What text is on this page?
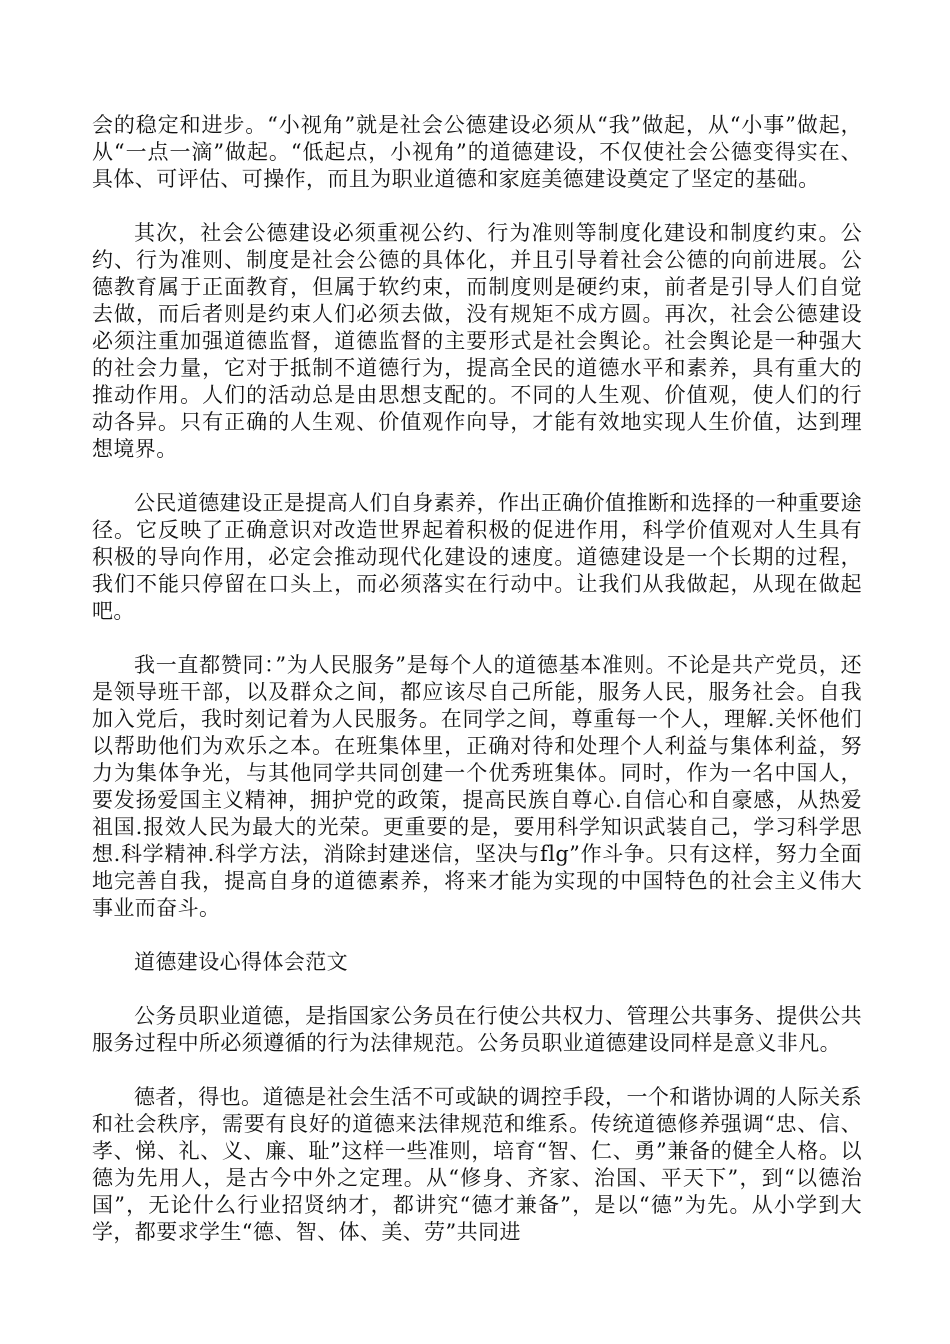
会的稳定和进步。“小视角”就是社会公德建设必须从“我”做起，从“小事”做起，从“一点一滴”做起。“低起点，小视角”的道德建设，不仅使社会公德变得实在、具体、可评估、可操作，而且为职业道德和家庭美德建设奠定了坚定的基础。

其次，社会公德建设必须重视公约、行为准则等制度化建设和制度约束。公约、行为准则、制度是社会公德的具体化，并且引导着社会公德的向前进展。公德教育属于正面教育，但属于软约束，而制度则是硬约束，前者是引导人们自觉去做，而后者则是约束人们必须去做，没有规矩不成方圆。再次，社会公德建设必须注重加强道德监督，道德监督的主要形式是社会舆论。社会舆论是一种强大的社会力量，它对于抵制不道德行为，提高全民的道德水平和素养，具有重大的推动作用。人们的活动总是由思想支配的。不同的人生观、价值观，使人们的行动各异。只有正确的人生观、价值观作向导，才能有效地实现人生价值，达到理想境界。

公民道德建设正是提高人们自身素养，作出正确价值推断和选择的一种重要途径。它反映了正确意识对改造世界起着积极的促进作用，科学价值观对人生具有积极的导向作用，必定会推动现代化建设的速度。道德建设是一个长期的过程，我们不能只停留在口头上，而必须落实在行动中。让我们从我做起，从现在做起吧。

我一直都赞同：”为人民服务”是每个人的道德基本准则。不论是共产党员，还是领导班干部，以及群众之间，都应该尽自己所能，服务人民，服务社会。自我加入党后，我时刻记着为人民服务。在同学之间，尊重每一个人，理解.关怀他们以帮助他们为欢乐之本。在班集体里，正确对待和处理个人利益与集体利益，努力为集体争光，与其他同学共同创建一个优秀班集体。同时，作为一名中国人，要发扬爱国主义精神，拥护党的政策，提高民族自尊心.自信心和自豪感，从热爱祖国.报效人民为最大的光荣。更重要的是，要用科学知识武装自己，学习科学思想.科学精神.科学方法，消除封建迷信，坚决与flg”作斗争。只有这样，努力全面地完善自我，提高自身的道德素养，将来才能为实现的中国特色的社会主义伟大事业而奋斗。

道德建设心得体会范文

公务员职业道德，是指国家公务员在行使公共权力、管理公共事务、提供公共服务过程中所必须遵循的行为法律规范。公务员职业道德建设同样是意义非凡。

德者，得也。道德是社会生活不可或缺的调控手段，一个和谐协调的人际关系和社会秩序，需要有良好的道德来法律规范和维系。传统道德修养强调“忠、信、孝、悌、礼、义、廉、耻”这样一些准则，培育“智、仁、勇”兼备的健全人格。以德为先用人，是古今中外之定理。从“修身、齐家、治国、平天下”，到“以德治国”，无论什么行业招贤纳才，都讲究“德才兼备”，是以“德”为先。从小学到大学，都要求学生“德、智、体、美、劳”共同进
